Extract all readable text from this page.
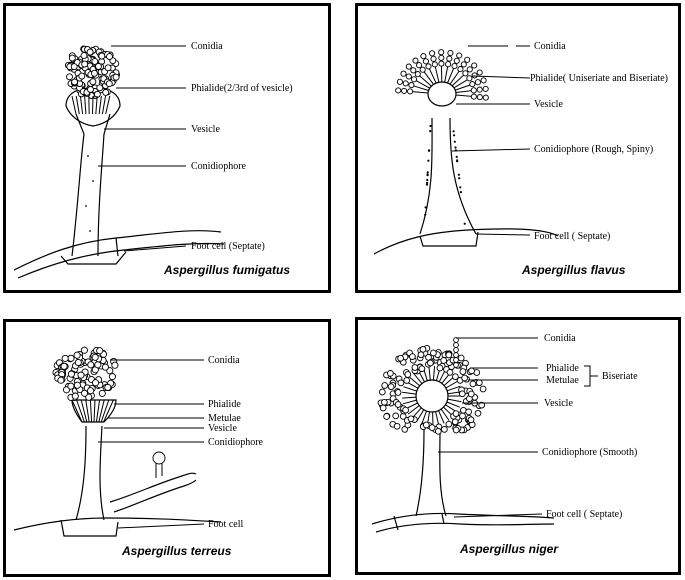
Conidia
Phialide(2/3rd of vesicle)
Vesicle
Conidiophore
Foot cell (Septate)
Aspergillus fumigatus
Conidia
Phialide( Uniseriate and Biseriate)
Vesicle
Conidiophore (Rough, Spiny)
Foot cell ( Septate)
Aspergillus flavus
Conidia
Phialide
Metulae
Vesicle
Conidiophore
Foot cell
Aspergillus terreus
Conidia
Phialide
Metulae Biseriate
Vesicle
Conidiophore (Smooth)
Foot cell ( Septate)
Aspergillus niger
